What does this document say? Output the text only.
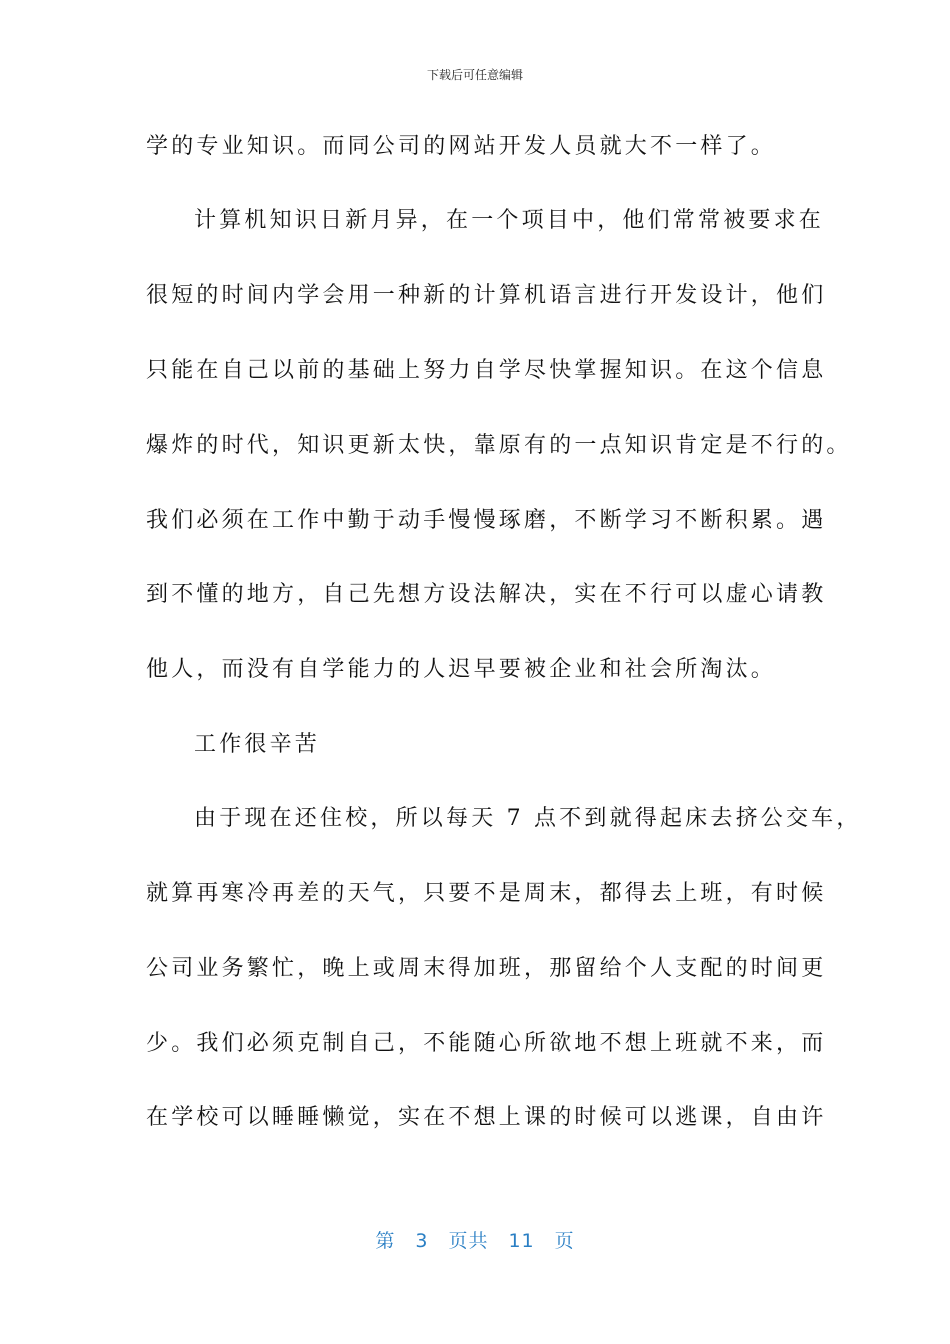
下载后可任意编辑
学的专业知识。而同公司的网站开发人员就大不一样了。
计算机知识日新月异，在一个项目中，他们常常被要求在
很短的时间内学会用一种新的计算机语言进行开发设计，他们
只能在自己以前的基础上努力自学尽快掌握知识。在这个信息
爆炸的时代，知识更新太快，靠原有的一点知识肯定是不行的。
我们必须在工作中勤于动手慢慢琢磨，不断学习不断积累。遇
到不懂的地方，自己先想方设法解决，实在不行可以虚心请教
他人，而没有自学能力的人迟早要被企业和社会所淘汰。
工作很辛苦
由于现在还住校，所以每天 7 点不到就得起床去挤公交车，
就算再寒冷再差的天气，只要不是周末，都得去上班，有时候
公司业务繁忙，晚上或周末得加班，那留给个人支配的时间更
少。我们必须克制自己，不能随心所欲地不想上班就不来，而
在学校可以睡睡懒觉，实在不想上课的时候可以逃课，自由许
第 3 页共 11 页
